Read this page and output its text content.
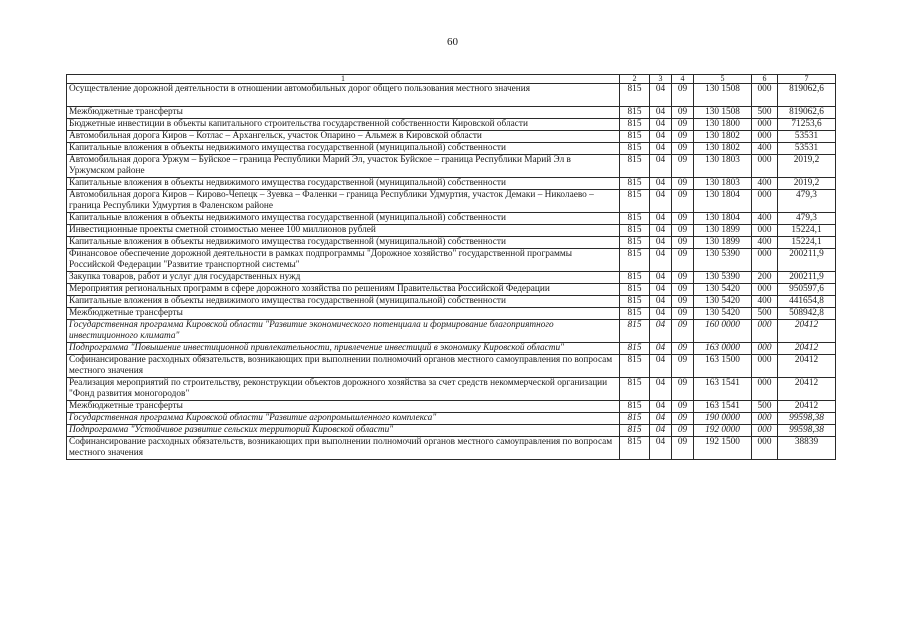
60
1	2	3	4	5	6	7
Осуществление дорожной деятельности в отношении автомобильных дорог общего пользования местного значения	815	04	09	130 1508	000	819062,6
Межбюджетные трансферты	815	04	09	130 1508	500	819062,6
Бюджетные инвестиции в объекты капитального строительства государственной собственности Кировской области	815	04	09	130 1800	000	71253,6
Автомобильная дорога Киров – Котлас – Архангельск, участок Опарино – Альмеж в Кировской области	815	04	09	130 1802	000	53531
Капитальные вложения в объекты недвижимого имущества государственной (муниципальной) собственности	815	04	09	130 1802	400	53531
Автомобильная дорога Уржум – Буйское – граница Республики Марий Эл, участок Буйское – граница Республики Марий Эл в Уржумском районе	815	04	09	130 1803	000	2019,2
Капитальные вложения в объекты недвижимого имущества государственной (муниципальной) собственности	815	04	09	130 1803	400	2019,2
Автомобильная дорога Киров – Кирово-Чепецк – Зуевка – Фаленки – граница Республики Удмуртия, участок Демаки – Николаево – граница Республики Удмуртия в Фаленском районе	815	04	09	130 1804	000	479,3
Капитальные вложения в объекты недвижимого имущества государственной (муниципальной) собственности	815	04	09	130 1804	400	479,3
Инвестиционные проекты сметной стоимостью менее 100 миллионов рублей	815	04	09	130 1899	000	15224,1
Капитальные вложения в объекты недвижимого имущества государственной (муниципальной) собственности	815	04	09	130 1899	400	15224,1
Финансовое обеспечение дорожной деятельности в рамках подпрограммы "Дорожное хозяйство" государственной программы Российской Федерации "Развитие транспортной системы"	815	04	09	130 5390	000	200211,9
Закупка товаров, работ и услуг для государственных нужд	815	04	09	130 5390	200	200211,9
Мероприятия региональных программ в сфере дорожного хозяйства по решениям Правительства Российской Федерации	815	04	09	130 5420	000	950597,6
Капитальные вложения в объекты недвижимого имущества государственной (муниципальной) собственности	815	04	09	130 5420	400	441654,8
Межбюджетные трансферты	815	04	09	130 5420	500	508942,8
Государственная программа Кировской области "Развитие экономического потенциала и формирование благоприятного инвестиционного климата"	815	04	09	160 0000	000	20412
Подпрограмма "Повышение инвестиционной привлекательности, привлечение инвестиций в экономику Кировской области"	815	04	09	163 0000	000	20412
Софинансирование расходных обязательств, возникающих при выполнении полномочий органов местного самоуправления по вопросам местного значения	815	04	09	163 1500	000	20412
Реализация мероприятий по строительству, реконструкции объектов дорожного хозяйства за счет средств некоммерческой организации "Фонд развития моногородов"	815	04	09	163 1541	000	20412
Межбюджетные трансферты	815	04	09	163 1541	500	20412
Государственная программа Кировской области "Развитие агропромышленного комплекса"	815	04	09	190 0000	000	99598,38
Подпрограмма "Устойчивое развитие сельских территорий Кировской области"	815	04	09	192 0000	000	99598,38
Софинансирование расходных обязательств, возникающих при выполнении полномочий органов местного самоуправления по вопросам местного значения	815	04	09	192 1500	000	38839
